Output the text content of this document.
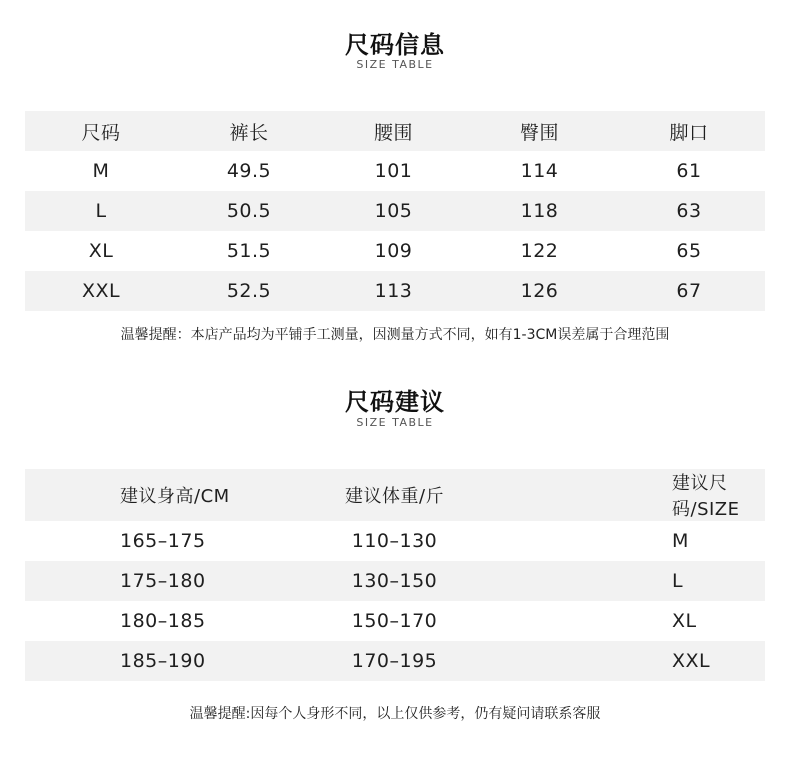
尺码信息
SIZE TABLE
尺码	裤长	腰围	臀围	脚口
M	49.5	101	114	61
L	50.5	105	118	63
XL	51.5	109	122	65
XXL	52.5	113	126	67
温馨提醒：本店产品均为平铺手工测量，因测量方式不同，如有1-3CM误差属于合理范围
尺码建议
SIZE TABLE
建议身高/CM	建议体重/斤	建议尺码/SIZE
165–175	110–130	M
175–180	130–150	L
180–185	150–170	XL
185–190	170–195	XXL
温馨提醒:因每个人身形不同，以上仅供参考，仍有疑问请联系客服
